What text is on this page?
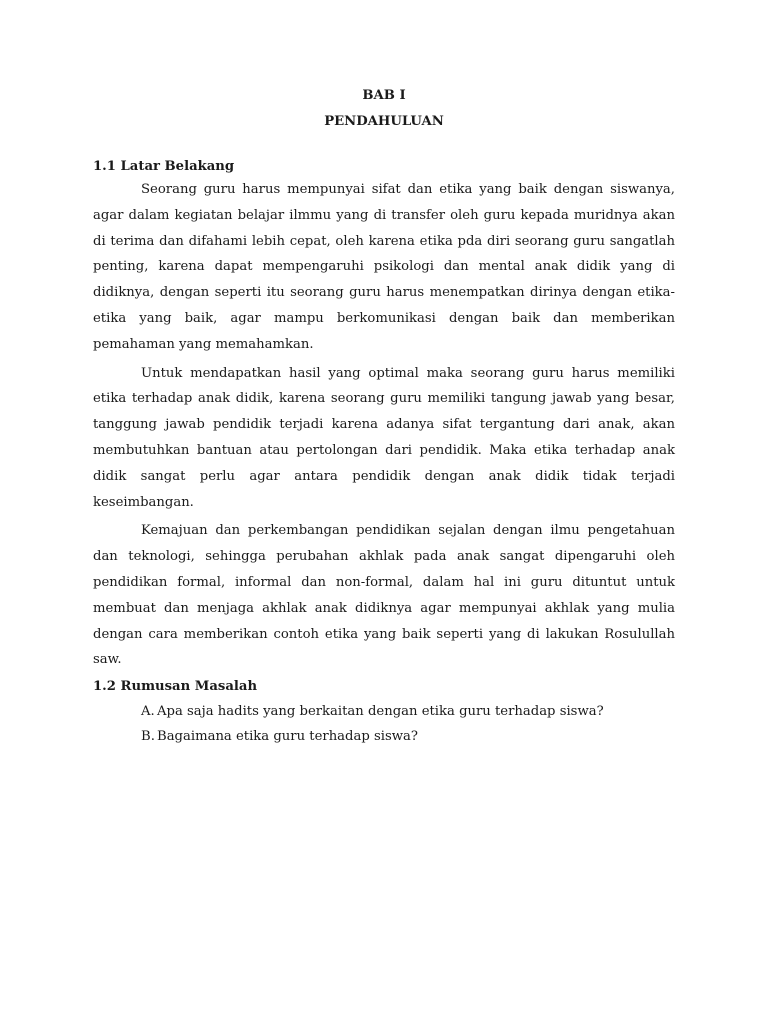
BAB I

PENDAHULUAN

1.1 Latar Belakang

Seorang guru harus mempunyai sifat dan etika yang baik dengan siswanya, agar dalam kegiatan belajar ilmmu yang di transfer oleh guru kepada muridnya akan di terima dan difahami lebih cepat, oleh karena etika pda diri seorang guru sangatlah penting, karena dapat mempengaruhi psikologi dan mental anak didik yang di didiknya, dengan seperti itu seorang guru harus menempatkan dirinya dengan etika-etika yang baik, agar mampu berkomunikasi dengan baik dan memberikan pemahaman yang memahamkan.

Untuk mendapatkan hasil yang optimal maka seorang guru harus memiliki etika terhadap anak didik, karena seorang guru memiliki tangung jawab yang besar, tanggung jawab pendidik terjadi karena adanya sifat tergantung dari anak, akan membutuhkan bantuan atau pertolongan dari pendidik. Maka etika terhadap anak didik sangat perlu agar antara pendidik dengan anak didik tidak terjadi keseimbangan.

Kemajuan dan perkembangan pendidikan sejalan dengan ilmu pengetahuan dan teknologi, sehingga perubahan akhlak pada anak sangat dipengaruhi oleh pendidikan formal, informal dan non-formal, dalam hal ini guru dituntut untuk membuat dan menjaga akhlak anak didiknya agar mempunyai akhlak yang mulia dengan cara memberikan contoh etika yang baik seperti yang di lakukan Rosulullah saw.

1.2 Rumusan Masalah

A. Apa saja hadits yang berkaitan dengan etika guru terhadap siswa?
B. Bagaimana etika guru terhadap siswa?
